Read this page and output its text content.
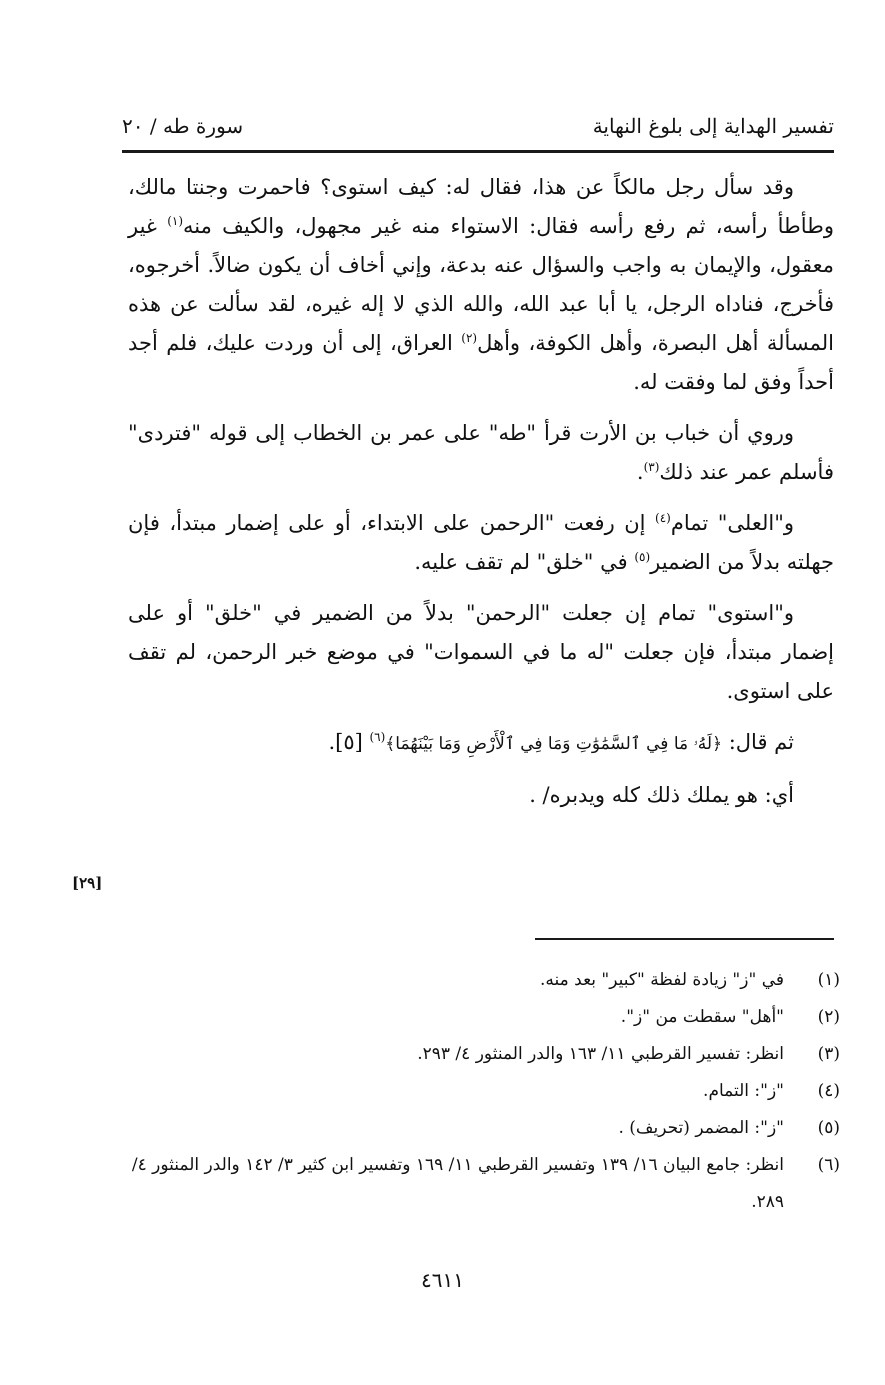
تفسير الهداية إلى بلوغ النهاية
سورة طه / ٢٠

وقد سأل رجل مالكاً عن هذا، فقال له: كيف استوى؟ فاحمرت وجنتا مالك، وطأطأ رأسه، ثم رفع رأسه فقال: الاستواء منه غير مجهول، والكيف منه$^{(١)}$ غير معقول، والإيمان به واجب والسؤال عنه بدعة، وإني أخاف أن يكون ضالاً. أخرجوه، فأخرج، فناداه الرجل، يا أبا عبد الله، والله الذي لا إله غيره، لقد سألت عن هذه المسألة أهل البصرة، وأهل الكوفة، وأهل$^{(٢)}$ العراق، إلى أن وردت عليك، فلم أجد أحداً وفق لما وفقت له.

وروي أن خباب بن الأرت قرأ "طه" على عمر بن الخطاب إلى قوله "فتردى" فأسلم عمر عند ذلك$^{(٣)}$.

و"العلى" تمام$^{(٤)}$ إن رفعت "الرحمن على الابتداء، أو على إضمار مبتدأ، فإن جهلته بدلاً من الضمير$^{(٥)}$ في "خلق" لم تقف عليه.

و"استوى" تمام إن جعلت "الرحمن" بدلاً من الضمير في "خلق" أو على إضمار مبتدأ، فإن جعلت "له ما في السموات" في موضع خبر الرحمن، لم تقف على استوى.

ثم قال: ﴿لَهُۥ مَا فِي ٱلسَّمَٰوَٰتِ وَمَا فِي ٱلْأَرْضِ وَمَا بَيْنَهُمَا﴾$^{(٦)}$ [٥].

أي: هو يملك ذلك كله ويدبره/ .

[٢٩]
(١)
في "ز" زيادة لفظة "كبير" بعد منه.
(٢)
"أهل" سقطت من "ز".
(٣)
انظر: تفسير القرطبي ١١/ ١٦٣ والدر المنثور ٤/ ٢٩٣.
(٤)
"ز": التمام.
(٥)
"ز": المضمر (تحريف) .
(٦)
انظر: جامع البيان ١٦/ ١٣٩ وتفسير القرطبي ١١/ ١٦٩ وتفسير ابن كثير ٣/ ١٤٢ والدر المنثور ٤/ ٢٨٩.
٤٦١١
